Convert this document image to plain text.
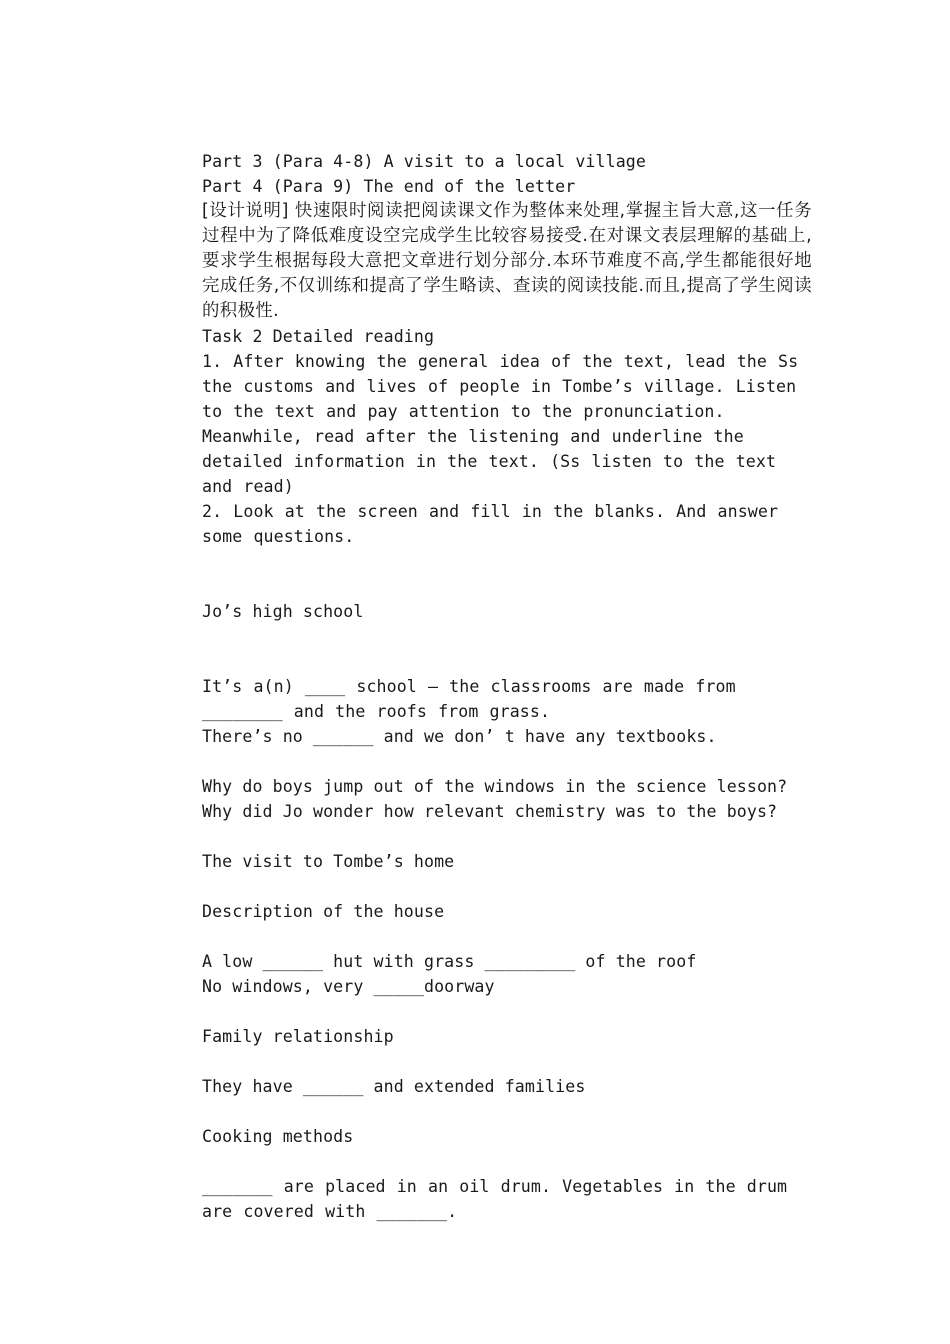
Part 3 (Para 4-8) A visit to a local village
Part 4 (Para 9) The end of the letter
[设计说明] 快速限时阅读把阅读课文作为整体来处理,掌握主旨大意,这一任务过程中为了降低难度设空完成学生比较容易接受.在对课文表层理解的基础上,要求学生根据每段大意把文章进行划分部分.本环节难度不高,学生都能很好地完成任务,不仅训练和提高了学生略读、查读的阅读技能.而且,提高了学生阅读的积极性.
Task 2 Detailed reading
1. After knowing the general idea of the text, lead the Ss the customs and lives of people in Tombe’s village. Listen to the text and pay attention to the pronunciation. Meanwhile, read after the listening and underline the detailed information in the text. (Ss listen to the text and read)
2. Look at the screen and fill in the blanks. And answer some questions.
Jo’s high school
It’s a(n) ____ school — the classrooms are made from ________ and the roofs from grass.
There’s no ______ and we don’ t have any textbooks.
Why do boys jump out of the windows in the science lesson?
Why did Jo wonder how relevant chemistry was to the boys?
The visit to Tombe’s home
Description of the house
A low ______ hut with grass _________ of the roof
No windows, very _____doorway
Family relationship
They have ______ and extended families
Cooking methods
_______ are placed in an oil drum. Vegetables in the drum are covered with _______.
